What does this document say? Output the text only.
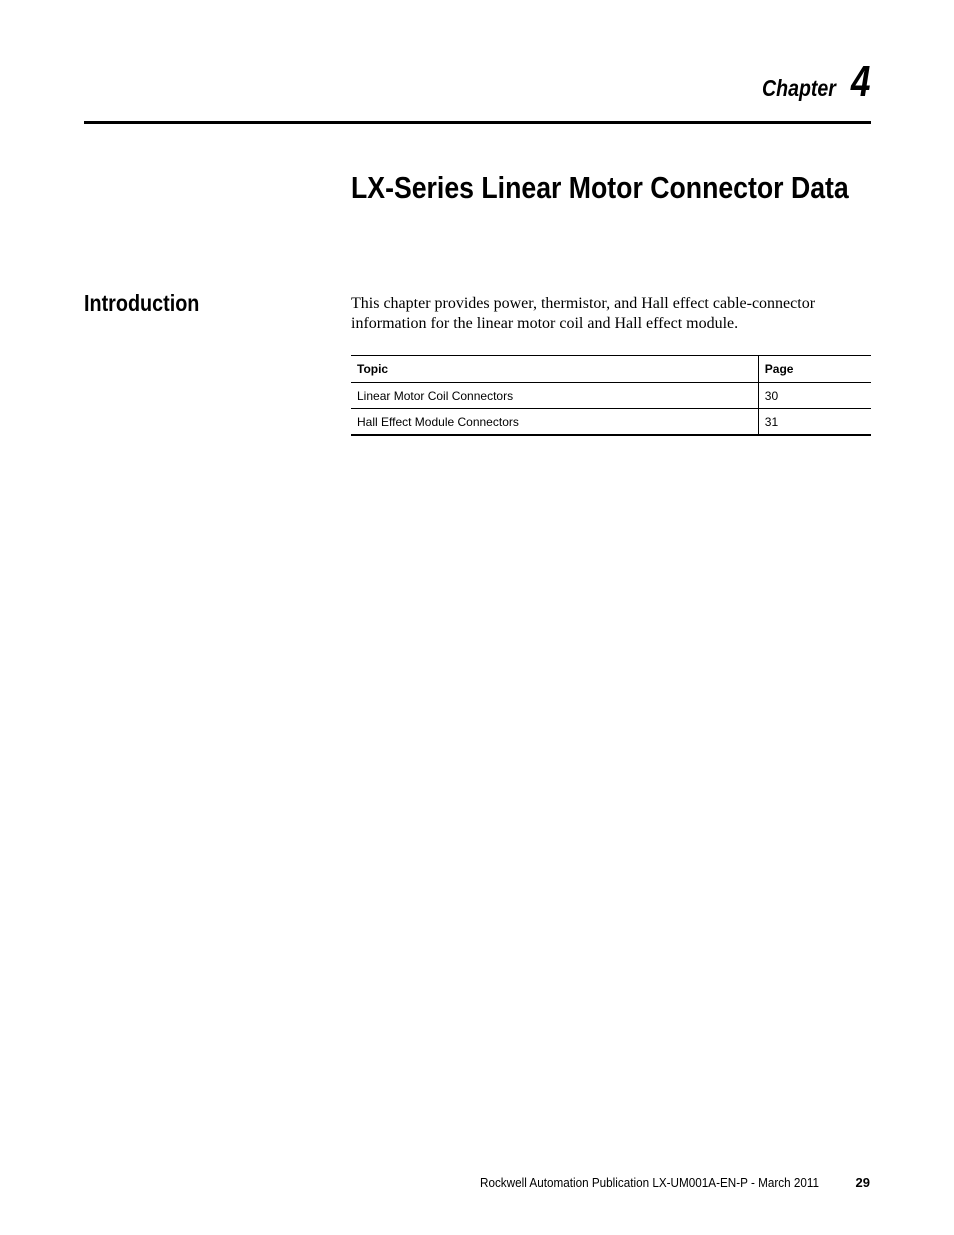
Chapter 4
LX-Series Linear Motor Connector Data
Introduction	This chapter provides power, thermistor, and Hall effect cable-connector information for the linear motor coil and Hall effect module.

Topic	Page
Linear Motor Coil Connectors	30
Hall Effect Module Connectors	31
Rockwell Automation Publication LX-UM001A-EN-P - March 2011	29
